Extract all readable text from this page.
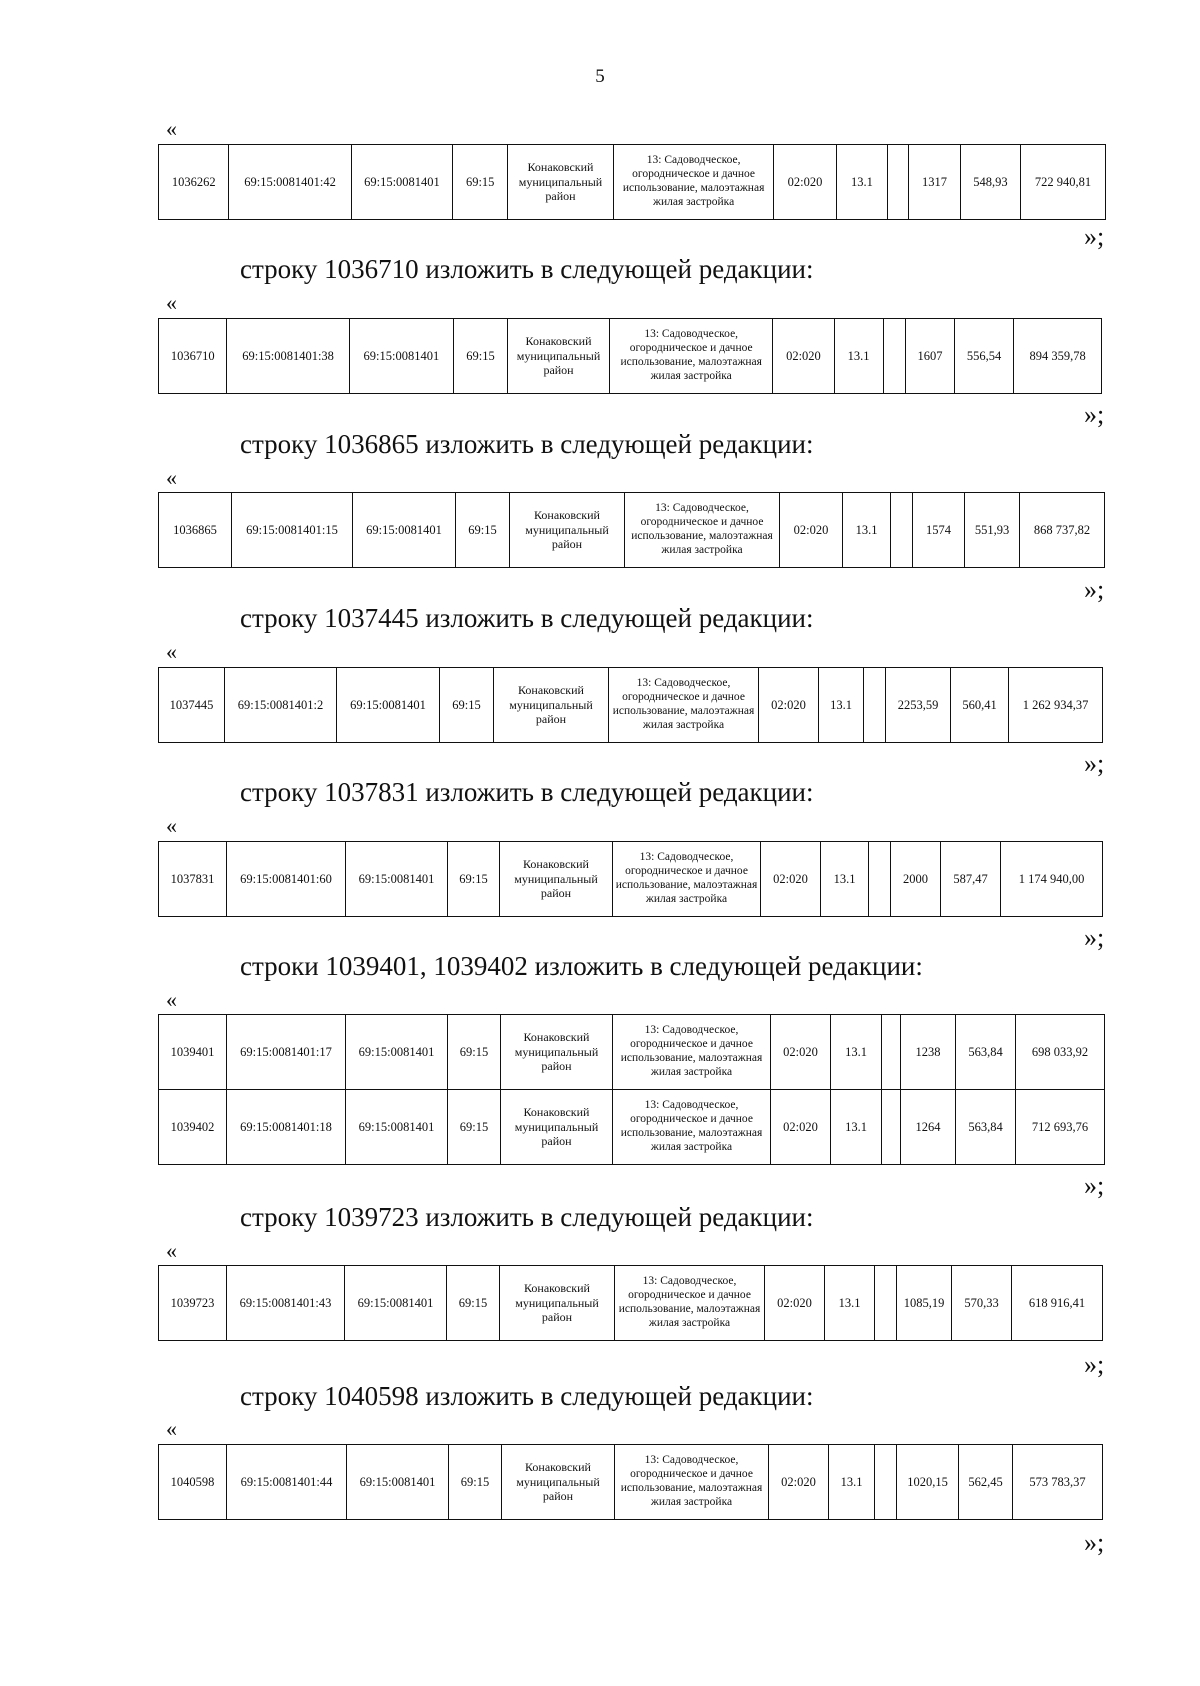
5
«
1036262	69:15:0081401:42	69:15:0081401	69:15	Конаковский муниципальный район	13: Садоводческое, огородническое и дачное использование, малоэтажная жилая застройка	02:020	13.1		1317	548,93	722 940,81
»;
строку 1036710 изложить в следующей редакции:
«
1036710	69:15:0081401:38	69:15:0081401	69:15	Конаковский муниципальный район	13: Садоводческое, огородническое и дачное использование, малоэтажная жилая застройка	02:020	13.1		1607	556,54	894 359,78
»;
строку 1036865 изложить в следующей редакции:
«
1036865	69:15:0081401:15	69:15:0081401	69:15	Конаковский муниципальный район	13: Садоводческое, огородническое и дачное использование, малоэтажная жилая застройка	02:020	13.1		1574	551,93	868 737,82
»;
строку 1037445 изложить в следующей редакции:
«
1037445	69:15:0081401:2	69:15:0081401	69:15	Конаковский муниципальный район	13: Садоводческое, огородническое и дачное использование, малоэтажная жилая застройка	02:020	13.1		2253,59	560,41	1 262 934,37
»;
строку 1037831 изложить в следующей редакции:
«
1037831	69:15:0081401:60	69:15:0081401	69:15	Конаковский муниципальный район	13: Садоводческое, огородническое и дачное использование, малоэтажная жилая застройка	02:020	13.1		2000	587,47	1 174 940,00
»;
строки 1039401, 1039402 изложить в следующей редакции:
«
1039401	69:15:0081401:17	69:15:0081401	69:15	Конаковский муниципальный район	13: Садоводческое, огородническое и дачное использование, малоэтажная жилая застройка	02:020	13.1		1238	563,84	698 033,92
1039402	69:15:0081401:18	69:15:0081401	69:15	Конаковский муниципальный район	13: Садоводческое, огородническое и дачное использование, малоэтажная жилая застройка	02:020	13.1		1264	563,84	712 693,76
»;
строку 1039723 изложить в следующей редакции:
«
1039723	69:15:0081401:43	69:15:0081401	69:15	Конаковский муниципальный район	13: Садоводческое, огородническое и дачное использование, малоэтажная жилая застройка	02:020	13.1		1085,19	570,33	618 916,41
»;
строку 1040598 изложить в следующей редакции:
«
1040598	69:15:0081401:44	69:15:0081401	69:15	Конаковский муниципальный район	13: Садоводческое, огородническое и дачное использование, малоэтажная жилая застройка	02:020	13.1		1020,15	562,45	573 783,37
»;
